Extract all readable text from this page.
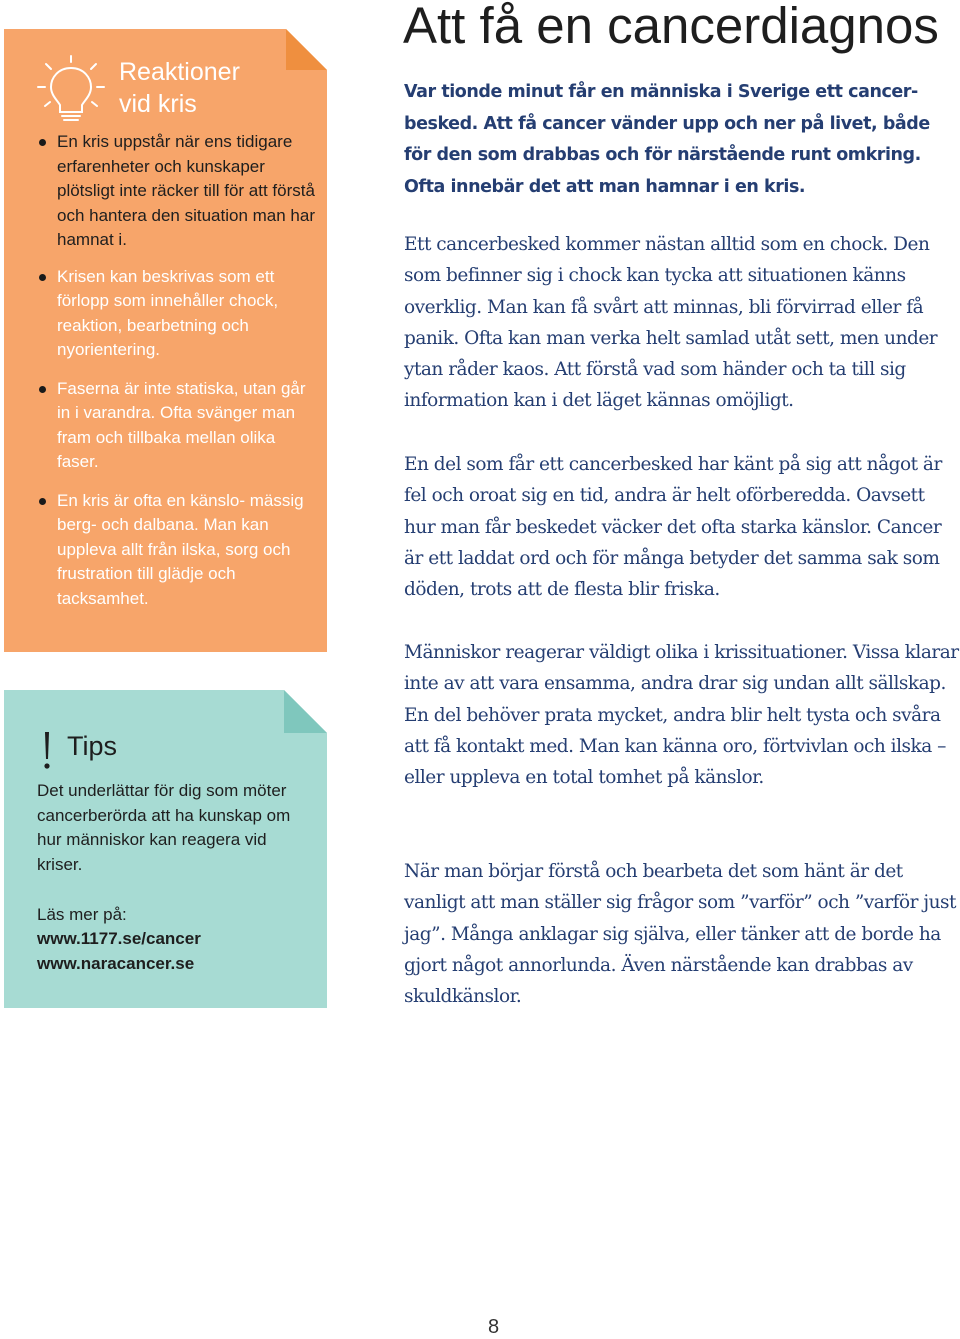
Reaktioner
vid kris
En kris uppstår när ens tidigare erfarenheter och kunskaper plötsligt inte räcker till för att förstå och hantera den situation man har hamnat i.
Krisen kan beskrivas som ett förlopp som innehåller chock, reaktion, bearbetning och nyorientering.
Faserna är inte statiska, utan går in i varandra. Ofta svänger man fram och tillbaka mellan olika faser.
En kris är ofta en känslo- mässig berg- och dalbana. Man kan uppleva allt från ilska, sorg och frustration till glädje och tacksamhet.
Tips
Det underlättar för dig som möter cancerberörda att ha kunskap om hur människor kan reagera vid kriser.
Läs mer på:
www.1177.se/cancer
www.naracancer.se
Att få en cancerdiagnos

Var tionde minut får en människa i Sverige ett cancer-besked. Att få cancer vänder upp och ner på livet, både för den som drabbas och för närstående runt omkring. Ofta innebär det att man hamnar i en kris.

Ett cancerbesked kommer nästan alltid som en chock. Den som befinner sig i chock kan tycka att situationen känns overklig. Man kan få svårt att minnas, bli förvirrad eller få panik. Ofta kan man verka helt samlad utåt sett, men under ytan råder kaos. Att förstå vad som händer och ta till sig information kan i det läget kännas omöjligt.

En del som får ett cancerbesked har känt på sig att något är fel och oroat sig en tid, andra är helt oförberedda. Oavsett hur man får beskedet väcker det ofta starka känslor. Cancer är ett laddat ord och för många betyder det samma sak som döden, trots att de flesta blir friska.

Människor reagerar väldigt olika i krissituationer. Vissa klarar inte av att vara ensamma, andra drar sig undan allt sällskap. En del behöver prata mycket, andra blir helt tysta och svåra att få kontakt med. Man kan känna oro, förtvivlan och ilska – eller uppleva en total tomhet på känslor.

När man börjar förstå och bearbeta det som hänt är det vanligt att man ställer sig frågor som ”varför” och ”varför just jag”. Många anklagar sig själva, eller tänker att de borde ha gjort något annorlunda. Även närstående kan drabbas av skuldkänslor.

8
